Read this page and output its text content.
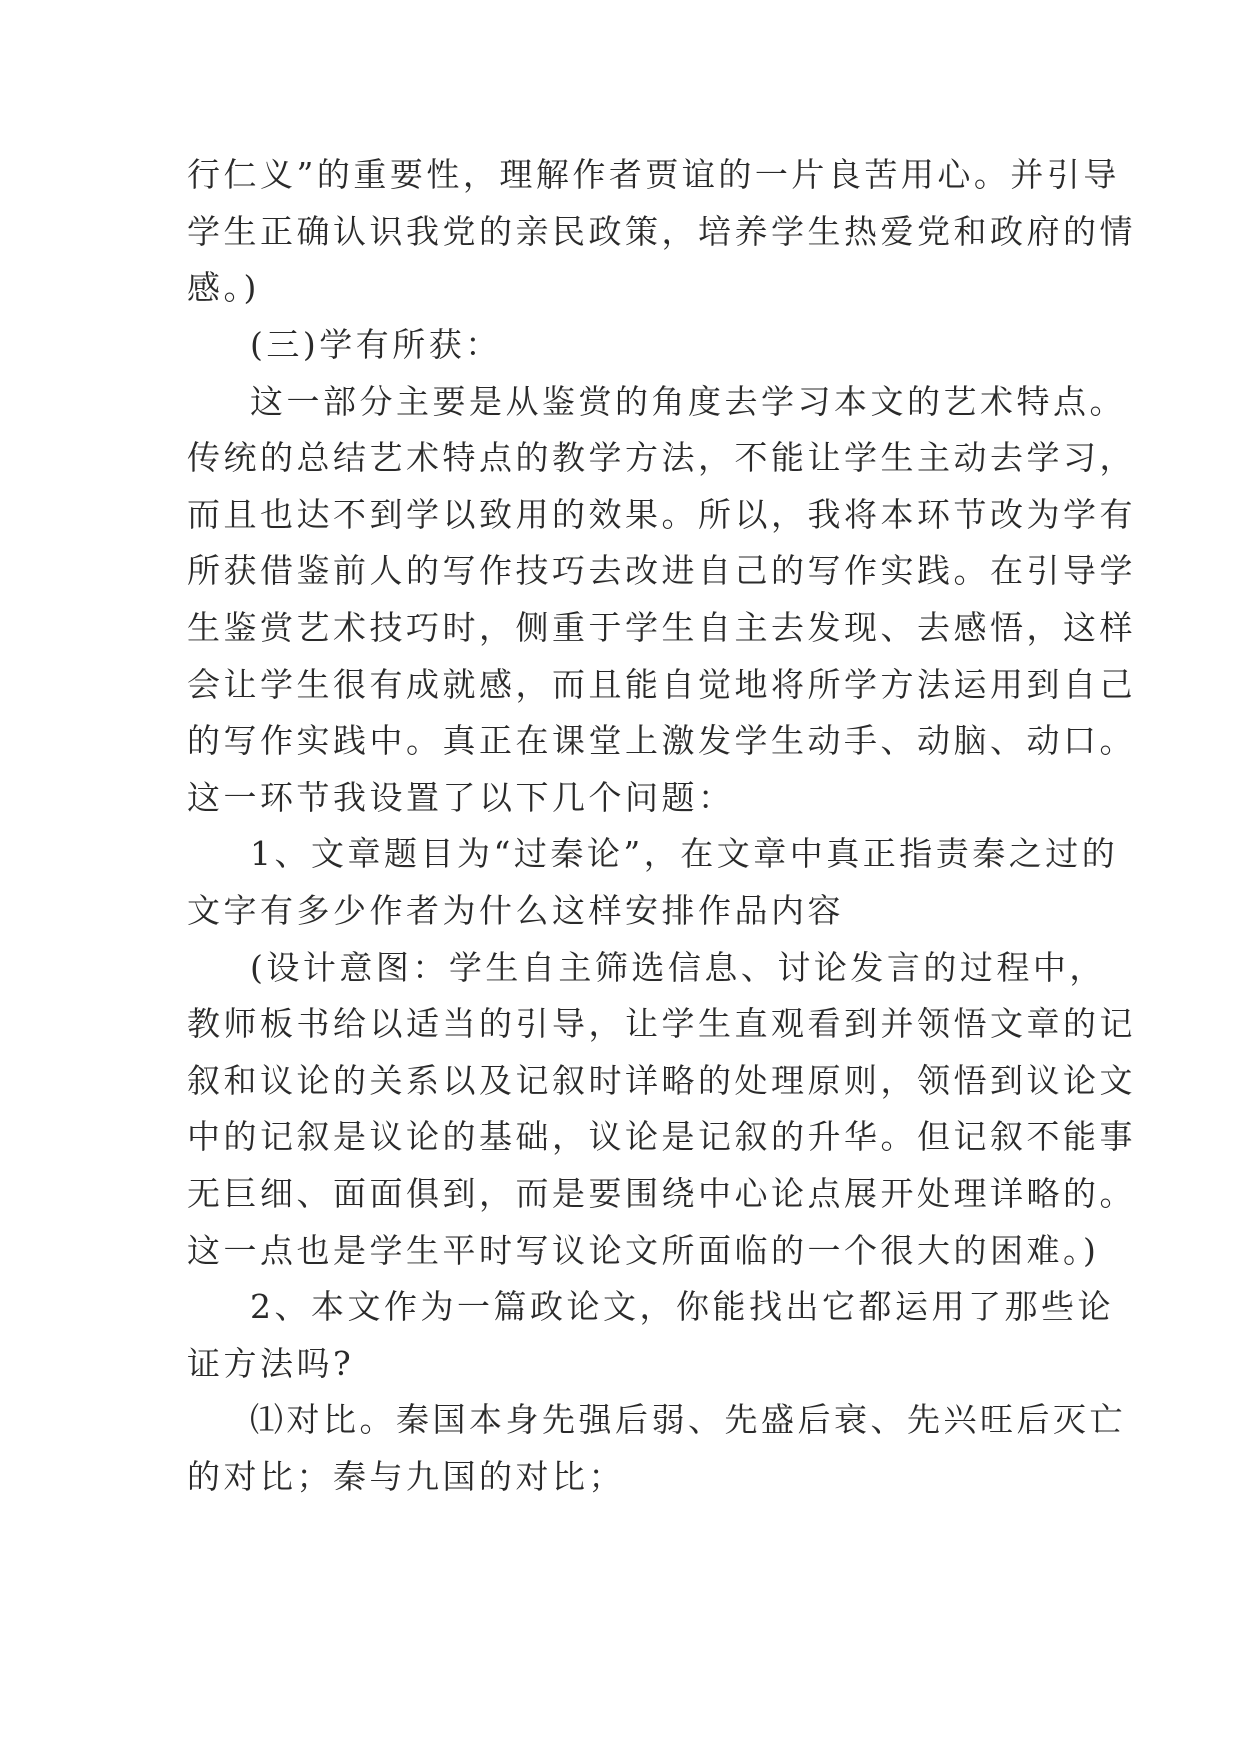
行仁义”的重要性，理解作者贾谊的一片良苦用心。并引导
学生正确认识我党的亲民政策，培养学生热爱党和政府的情
感。)
(三)学有所获：
这一部分主要是从鉴赏的角度去学习本文的艺术特点。
传统的总结艺术特点的教学方法，不能让学生主动去学习，
而且也达不到学以致用的效果。所以，我将本环节改为学有
所获借鉴前人的写作技巧去改进自己的写作实践。在引导学
生鉴赏艺术技巧时，侧重于学生自主去发现、去感悟，这样
会让学生很有成就感，而且能自觉地将所学方法运用到自己
的写作实践中。真正在课堂上激发学生动手、动脑、动口。
这一环节我设置了以下几个问题：
1、文章题目为“过秦论”，在文章中真正指责秦之过的
文字有多少作者为什么这样安排作品内容
(设计意图：学生自主筛选信息、讨论发言的过程中，
教师板书给以适当的引导，让学生直观看到并领悟文章的记
叙和议论的关系以及记叙时详略的处理原则，领悟到议论文
中的记叙是议论的基础，议论是记叙的升华。但记叙不能事
无巨细、面面俱到，而是要围绕中心论点展开处理详略的。
这一点也是学生平时写议论文所面临的一个很大的困难。)
2、本文作为一篇政论文，你能找出它都运用了那些论
证方法吗?
⑴对比。秦国本身先强后弱、先盛后衰、先兴旺后灭亡
的对比；秦与九国的对比；
